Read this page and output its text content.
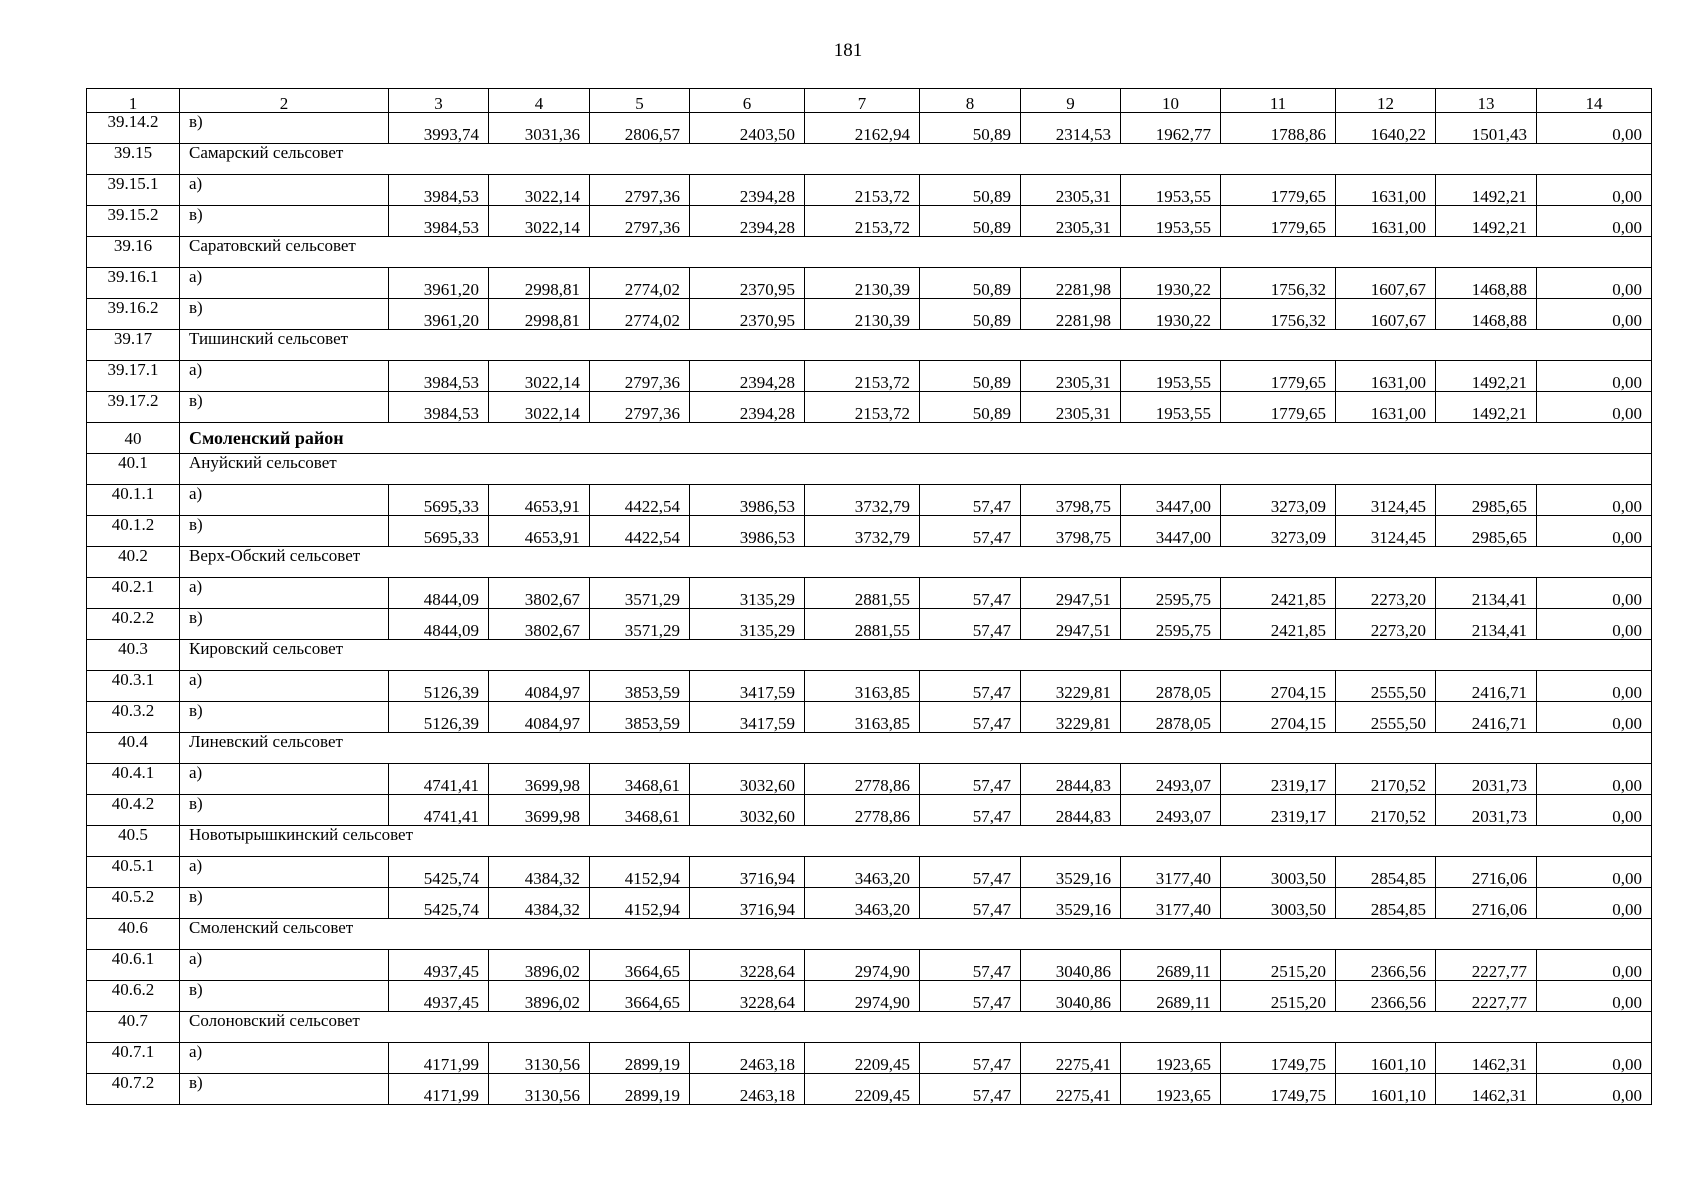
181
1	2	3	4	5	6	7	8	9	10	11	12	13	14
39.14.2	в)	3993,74	3031,36	2806,57	2403,50	2162,94	50,89	2314,53	1962,77	1788,86	1640,22	1501,43	0,00
39.15	Самарский сельсовет												
39.15.1	а)	3984,53	3022,14	2797,36	2394,28	2153,72	50,89	2305,31	1953,55	1779,65	1631,00	1492,21	0,00
39.15.2	в)	3984,53	3022,14	2797,36	2394,28	2153,72	50,89	2305,31	1953,55	1779,65	1631,00	1492,21	0,00
39.16	Саратовский сельсовет												
39.16.1	а)	3961,20	2998,81	2774,02	2370,95	2130,39	50,89	2281,98	1930,22	1756,32	1607,67	1468,88	0,00
39.16.2	в)	3961,20	2998,81	2774,02	2370,95	2130,39	50,89	2281,98	1930,22	1756,32	1607,67	1468,88	0,00
39.17	Тишинский сельсовет												
39.17.1	а)	3984,53	3022,14	2797,36	2394,28	2153,72	50,89	2305,31	1953,55	1779,65	1631,00	1492,21	0,00
39.17.2	в)	3984,53	3022,14	2797,36	2394,28	2153,72	50,89	2305,31	1953,55	1779,65	1631,00	1492,21	0,00
40	Смоленский район												
40.1	Ануйский сельсовет												
40.1.1	а)	5695,33	4653,91	4422,54	3986,53	3732,79	57,47	3798,75	3447,00	3273,09	3124,45	2985,65	0,00
40.1.2	в)	5695,33	4653,91	4422,54	3986,53	3732,79	57,47	3798,75	3447,00	3273,09	3124,45	2985,65	0,00
40.2	Верх-Обский сельсовет												
40.2.1	а)	4844,09	3802,67	3571,29	3135,29	2881,55	57,47	2947,51	2595,75	2421,85	2273,20	2134,41	0,00
40.2.2	в)	4844,09	3802,67	3571,29	3135,29	2881,55	57,47	2947,51	2595,75	2421,85	2273,20	2134,41	0,00
40.3	Кировский сельсовет												
40.3.1	а)	5126,39	4084,97	3853,59	3417,59	3163,85	57,47	3229,81	2878,05	2704,15	2555,50	2416,71	0,00
40.3.2	в)	5126,39	4084,97	3853,59	3417,59	3163,85	57,47	3229,81	2878,05	2704,15	2555,50	2416,71	0,00
40.4	Линевский сельсовет												
40.4.1	а)	4741,41	3699,98	3468,61	3032,60	2778,86	57,47	2844,83	2493,07	2319,17	2170,52	2031,73	0,00
40.4.2	в)	4741,41	3699,98	3468,61	3032,60	2778,86	57,47	2844,83	2493,07	2319,17	2170,52	2031,73	0,00
40.5	Новотырышкинский сельсовет												
40.5.1	а)	5425,74	4384,32	4152,94	3716,94	3463,20	57,47	3529,16	3177,40	3003,50	2854,85	2716,06	0,00
40.5.2	в)	5425,74	4384,32	4152,94	3716,94	3463,20	57,47	3529,16	3177,40	3003,50	2854,85	2716,06	0,00
40.6	Смоленский сельсовет												
40.6.1	а)	4937,45	3896,02	3664,65	3228,64	2974,90	57,47	3040,86	2689,11	2515,20	2366,56	2227,77	0,00
40.6.2	в)	4937,45	3896,02	3664,65	3228,64	2974,90	57,47	3040,86	2689,11	2515,20	2366,56	2227,77	0,00
40.7	Солоновский сельсовет												
40.7.1	а)	4171,99	3130,56	2899,19	2463,18	2209,45	57,47	2275,41	1923,65	1749,75	1601,10	1462,31	0,00
40.7.2	в)	4171,99	3130,56	2899,19	2463,18	2209,45	57,47	2275,41	1923,65	1749,75	1601,10	1462,31	0,00
